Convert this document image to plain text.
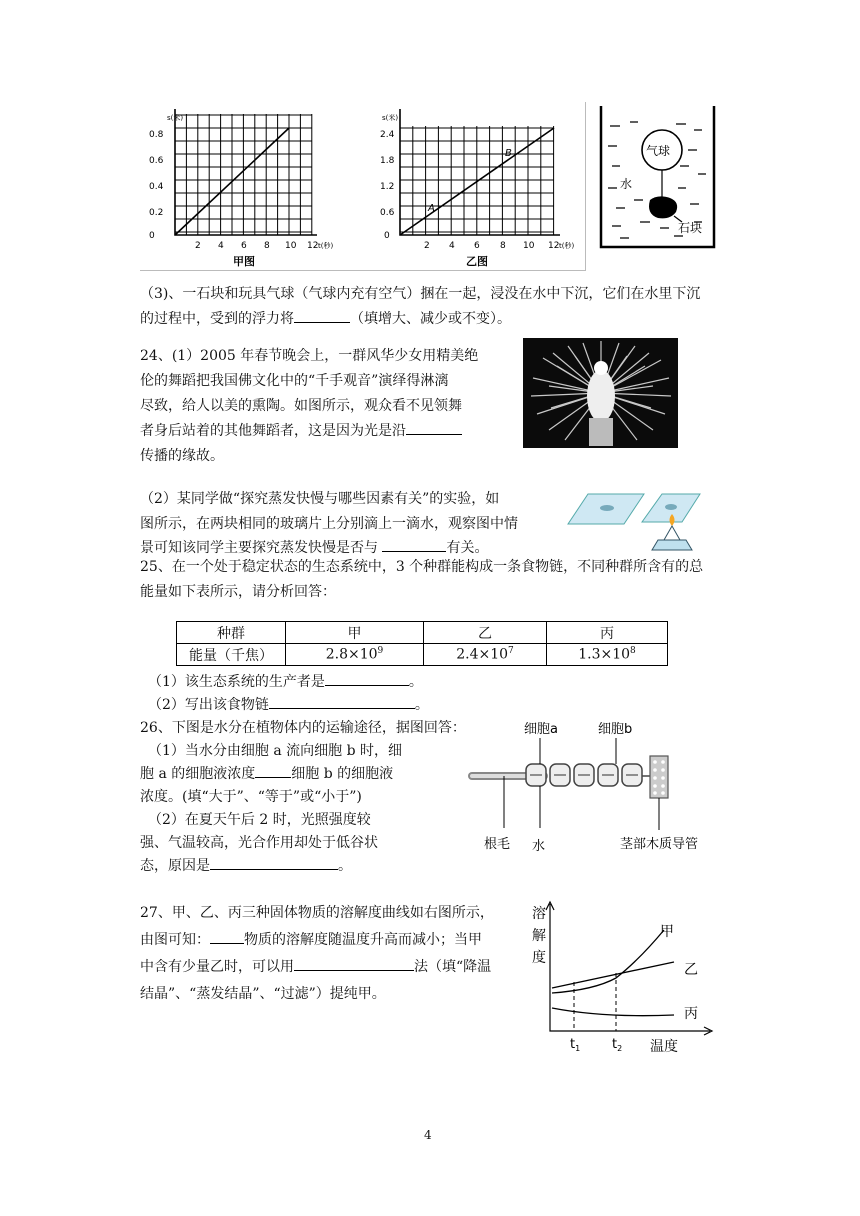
s(米)
0
0.2
0.4
0.6
0.8
2 4 6 8 10 12 t(秒)
甲图
s(米)
0
0.6
1.2
1.8
2.4
2 4 6 8 10 12 t(秒)
A
B
乙图
气球
水
石块
（3)、一石块和玩具气球（气球内充有空气）捆在一起，浸没在水中下沉，它们在水里下沉
的过程中，受到的浮力将	（填增大、减少或不变）。
24、(1）2005 年春节晚会上，一群风华少女用精美绝
伦的舞蹈把我国佛文化中的“千手观音”演绎得淋漓
尽致，给人以美的熏陶。如图所示，观众看不见领舞
者身后站着的其他舞蹈者，这是因为光是沿
传播的缘故。
（2）某同学做“探究蒸发快慢与哪些因素有关”的实验，如
图所示，在两块相同的玻璃片上分别滴上一滴水，观察图中情
景可知该同学主要探究蒸发快慢是否与	有关。
25、在一个处于稳定状态的生态系统中，3 个种群能构成一条食物链，不同种群所含有的总
能量如下表所示，请分析回答：
种群	甲	乙	丙
能量（千焦）	$2.8\times 10^9$	$2.4\times 10^7$	$1.3\times 10^8$
（1）该生态系统的生产者是	。
（2）写出该食物链	。
26、下图是水分在植物体内的运输途径，据图回答：
（1）当水分由细胞 a 流向细胞 b 时，细
胞 a 的细胞液浓度	细胞 b 的细胞液
浓度。(填“大于”、“等于”或“小于”)
（2）在夏天午后 2 时，光照强度较
强、气温较高，光合作用却处于低谷状
态，原因是	。
细胞a	细胞b
根毛 水	茎部木质导管
27、甲、乙、丙三种固体物质的溶解度曲线如右图所示，
由图可知： 物质的溶解度随温度升高而减小；当甲
中含有少量乙时，可以用	法（填“降温
结晶”、“蒸发结晶”、“过滤”）提纯甲。
溶
解
度
甲
乙
丙
$t_1$ $t_2$ 温度
4
